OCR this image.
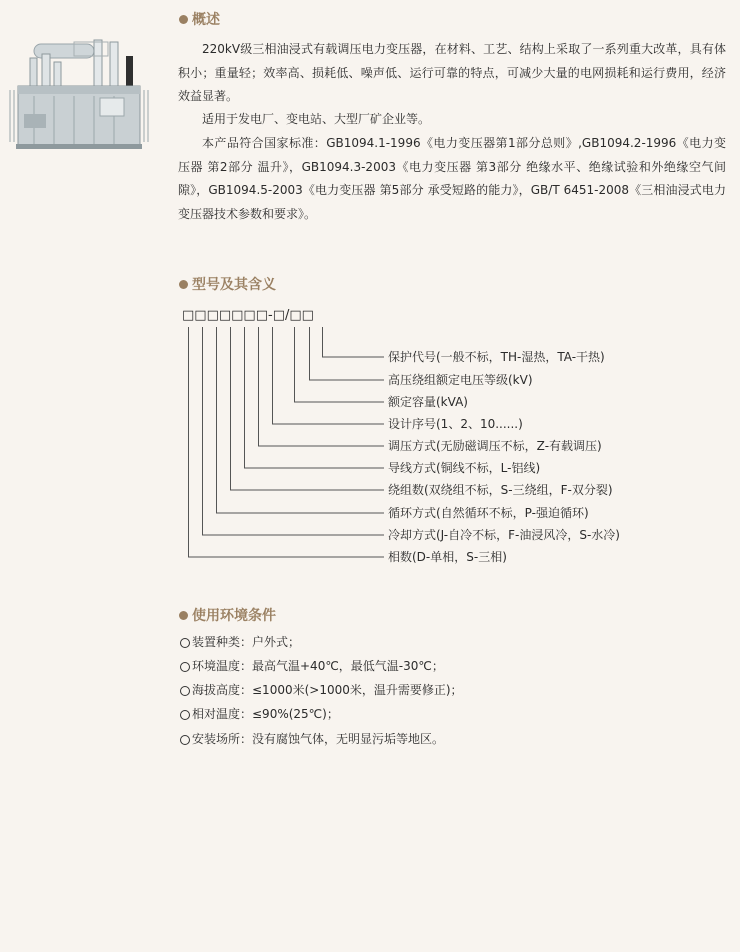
概述

220kV级三相油浸式有载调压电力变压器，在材料、工艺、结构上采取了一系列重大改革，具有体积小；重量轻；效率高、损耗低、噪声低、运行可靠的特点，可减少大量的电网损耗和运行费用，经济效益显著。

适用于发电厂、变电站、大型厂矿企业等。

本产品符合国家标准：GB1094.1-1996《电力变压器第1部分总则》,GB1094.2-1996《电力变压器 第2部分 温升》，GB1094.3-2003《电力变压器 第3部分 绝缘水平、绝缘试验和外绝缘空气间隙》，GB1094.5-2003《电力变压器 第5部分 承受短路的能力》，GB/T 6451-2008《三相油浸式电力变压器技术参数和要求》。

型号及其含义
□□□□□□□-□/□□
保护代号(一般不标，TH-湿热，TA-干热)
高压绕组额定电压等级(kV)
额定容量(kVA)
设计序号(1、2、10......)
调压方式(无励磁调压不标，Z-有载调压)
导线方式(铜线不标，L-铝线)
绕组数(双绕组不标，S-三绕组，F-双分裂)
循环方式(自然循环不标，P-强迫循环)
冷却方式(J-自冷不标，F-油浸风冷，S-水冷)
相数(D-单相，S-三相)
使用环境条件
装置种类：户外式；
环境温度：最高气温+40℃，最低气温-30℃；
海拔高度：≤1000米(>1000米，温升需要修正)；
相对温度：≤90%(25℃)；
安装场所：没有腐蚀气体，无明显污垢等地区。
